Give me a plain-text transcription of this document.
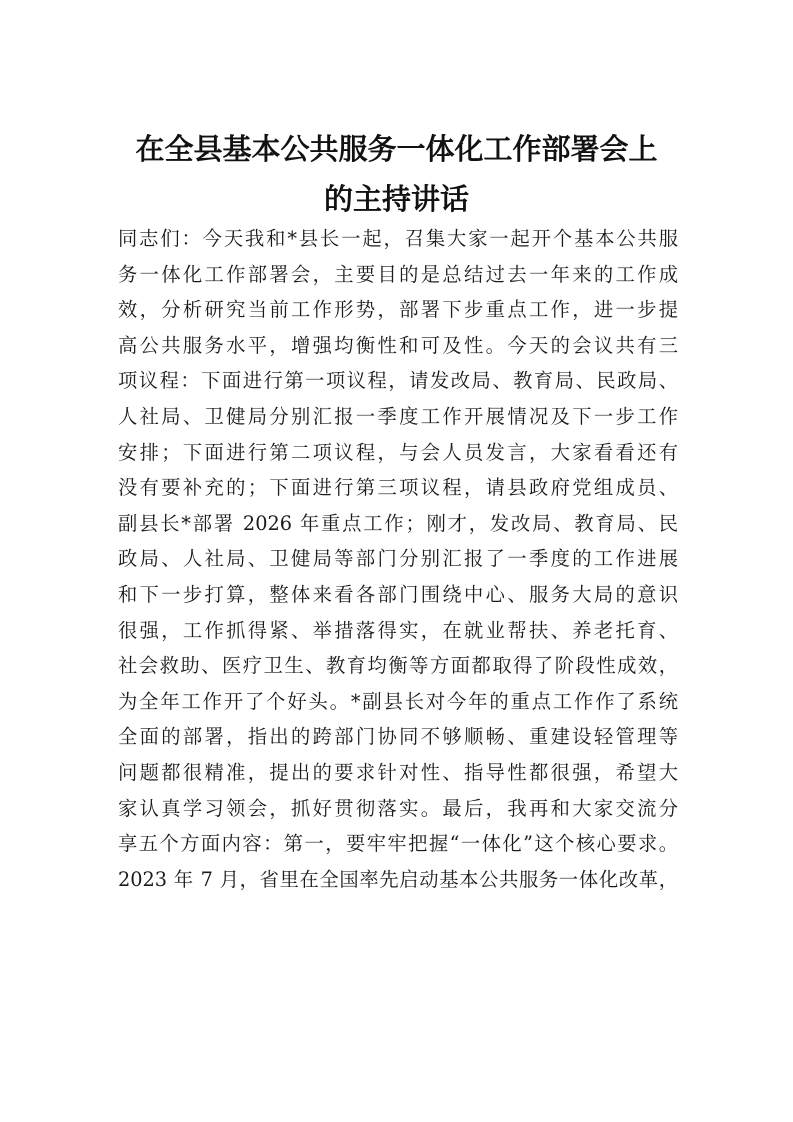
在全县基本公共服务一体化工作部署会上
的主持讲话
同志们：今天我和*县长一起，召集大家一起开个基本公共服
务一体化工作部署会，主要目的是总结过去一年来的工作成
效，分析研究当前工作形势，部署下步重点工作，进一步提
高公共服务水平，增强均衡性和可及性。今天的会议共有三
项议程：下面进行第一项议程，请发改局、教育局、民政局、
人社局、卫健局分别汇报一季度工作开展情况及下一步工作
安排；下面进行第二项议程，与会人员发言，大家看看还有
没有要补充的；下面进行第三项议程，请县政府党组成员、
副县长*部署 2026 年重点工作；刚才，发改局、教育局、民
政局、人社局、卫健局等部门分别汇报了一季度的工作进展
和下一步打算，整体来看各部门围绕中心、服务大局的意识
很强，工作抓得紧、举措落得实，在就业帮扶、养老托育、
社会救助、医疗卫生、教育均衡等方面都取得了阶段性成效，
为全年工作开了个好头。*副县长对今年的重点工作作了系统
全面的部署，指出的跨部门协同不够顺畅、重建设轻管理等
问题都很精准，提出的要求针对性、指导性都很强，希望大
家认真学习领会，抓好贯彻落实。最后，我再和大家交流分
享五个方面内容：第一，要牢牢把握“一体化”这个核心要求。
2023 年 7 月，省里在全国率先启动基本公共服务一体化改革，
